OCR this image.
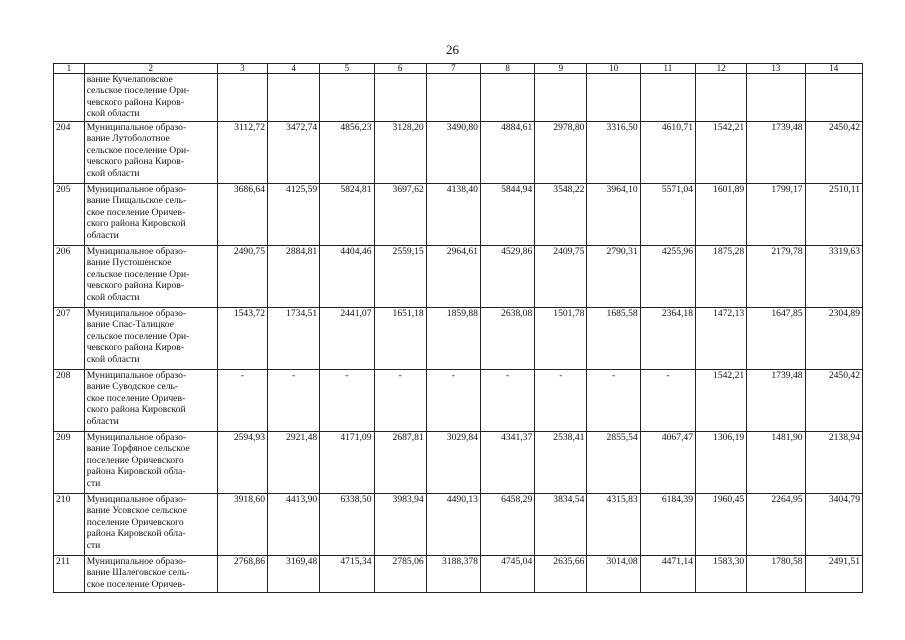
26
1	2	3	4	5	6	7	8	9	10	11	12	13	14
	вание Кучелаповское
сельское поселение Ори-
чевского района Киров-
ской области												
204	Муниципальное образо-
вание Лутоболотное
сельское поселение Ори-
чевского района Киров-
ской области	3112,72	3472,74	4856,23	3128,20	3490,80	4884,61	2978,80	3316,50	4610,71	1542,21	1739,48	2450,42
205	Муниципальное образо-
вание Пищальское сель-
ское поселение Оричев-
ского района Кировской
области	3686,64	4125,59	5824,81	3697,62	4138,40	5844,94	3548,22	3964,10	5571,04	1601,89	1799,17	2510,11
206	Муниципальное образо-
вание Пустошенское
сельское поселение Ори-
чевского района Киров-
ской области	2490,75	2884,81	4404,46	2559,15	2964,61	4529,86	2409,75	2790,31	4255,96	1875,28	2179,78	3319,63
207	Муниципальное образо-
вание Спас-Талицкое
сельское поселение Ори-
чевского района Киров-
ской области	1543,72	1734,51	2441,07	1651,18	1859,88	2638,08	1501,78	1685,58	2364,18	1472,13	1647,85	2304,89
208	Муниципальное образо-
вание Суводское сель-
ское поселение Оричев-
ского района Кировской
области	-	-	-	-	-	-	-	-	-	1542,21	1739,48	2450,42
209	Муниципальное образо-
вание Торфяное сельское
поселение Оричевского
района Кировской обла-
сти	2594,93	2921,48	4171,09	2687,81	3029,84	4341,37	2538,41	2855,54	4067,47	1306,19	1481,90	2138,94
210	Муниципальное образо-
вание Усовское сельское
поселение Оричевского
района Кировской обла-
сти	3918,60	4413,90	6338,50	3983,94	4490,13	6458,29	3834,54	4315,83	6184,39	1960,45	2264,95	3404,79
211	Муниципальное образо-
вание Шалеговское сель-
ское поселение Оричев-	2768,86	3169,48	4715,34	2785,06	3188,378	4745,04	2635,66	3014,08	4471,14	1583,30	1780,58	2491,51
